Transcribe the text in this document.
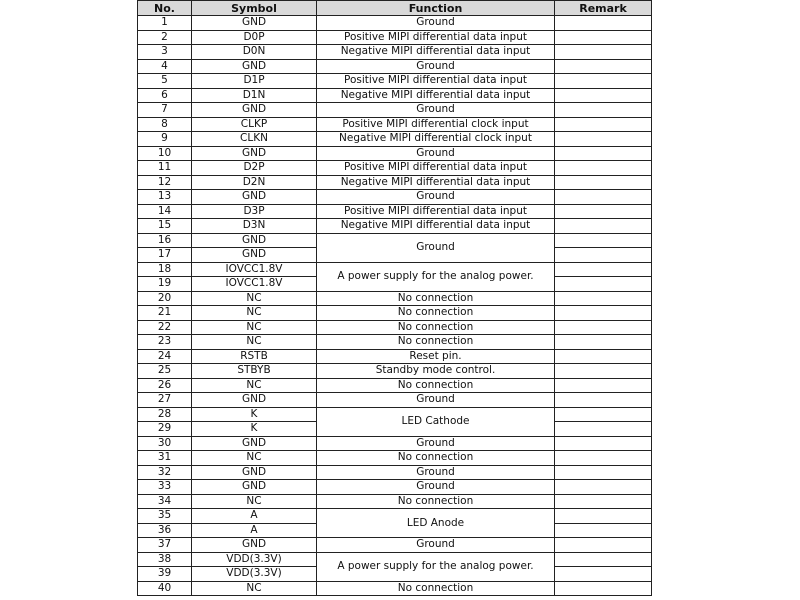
No.	Symbol	Function	Remark
1	GND	Ground	
2	D0P	Positive MIPI differential data input	
3	D0N	Negative MIPI differential data input	
4	GND	Ground	
5	D1P	Positive MIPI differential data input	
6	D1N	Negative MIPI differential data input	
7	GND	Ground	
8	CLKP	Positive MIPI differential clock input	
9	CLKN	Negative MIPI differential clock input	
10	GND	Ground	
11	D2P	Positive MIPI differential data input	
12	D2N	Negative MIPI differential data input	
13	GND	Ground	
14	D3P	Positive MIPI differential data input	
15	D3N	Negative MIPI differential data input	
16	GND	Ground	
17	GND		
18	IOVCC1.8V	A power supply for the analog power.	
19	IOVCC1.8V		
20	NC	No connection	
21	NC	No connection	
22	NC	No connection	
23	NC	No connection	
24	RSTB	Reset pin.	
25	STBYB	Standby mode control.	
26	NC	No connection	
27	GND	Ground	
28	K	LED Cathode	
29	K		
30	GND	Ground	
31	NC	No connection	
32	GND	Ground	
33	GND	Ground	
34	NC	No connection	
35	A	LED Anode	
36	A		
37	GND	Ground	
38	VDD(3.3V)	A power supply for the analog power.	
39	VDD(3.3V)		
40	NC	No connection	
